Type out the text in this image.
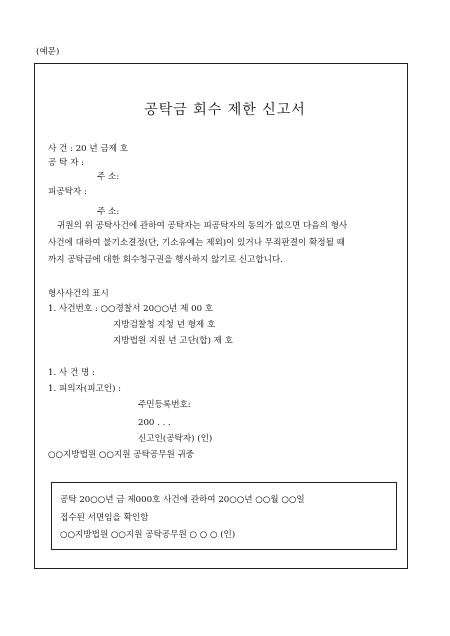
(예문)
공탁금 회수 제한 신고서
사 건 : 20 년 금제 호
공 탁 자 :
주 소:
피공탁자 :
주 소:
귀원의 위 공탁사건에 관하여 공탁자는 피공탁자의 동의가 없으면 다음의 형사
사건에 대하여 불기소결정(단, 기소유예는 제외)이 있거나 무죄판결이 확정될 때
까지 공탁금에 대한 회수청구권을 행사하지 않기로 신고합니다.
형사사건의 표시
1. 사건번호 : ○○경찰서 20○○년 제 00 호
지방검찰청 지청 년 형제 호
지방법원 지원 년 고단(합) 제 호
1. 사 건 명 :
1. 피의자(피고인) :
주민등록번호:
200 . . .
신고인(공탁자) (인)
○○지방법원 ○○지원 공탁공무원 귀중
공탁 20○○년 금 제000호 사건에 관하여 20○○년 ○○월 ○○일
접수된 서면임을 확인함
○○지방법원 ○○지원 공탁공무원 ○ ○ ○ (인)
